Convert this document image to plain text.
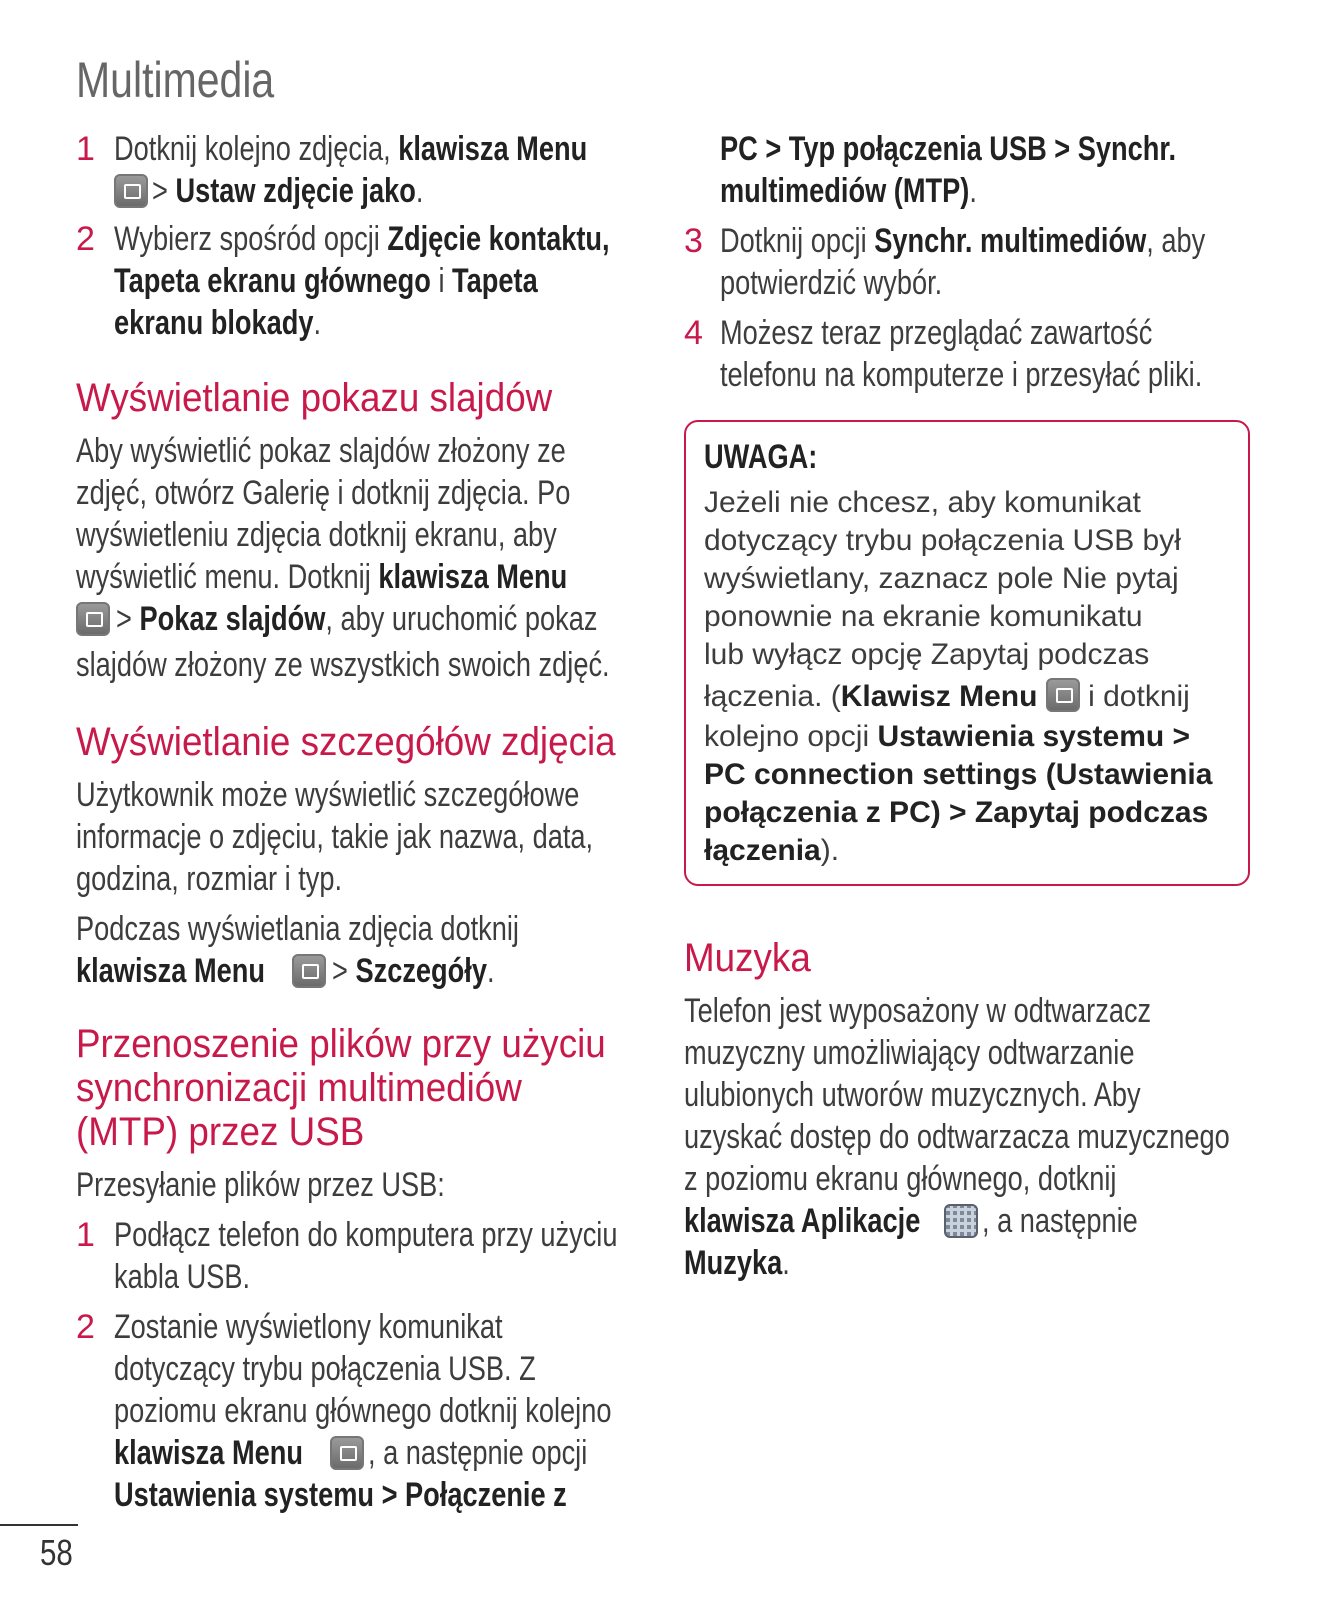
Multimedia
1 Dotknij kolejno zdjęcia, klawisza Menu
> Ustaw zdjęcie jako.
2 Wybierz spośród opcji Zdjęcie kontaktu,
Tapeta ekranu głównego i Tapeta
ekranu blokady.
Wyświetlanie pokazu slajdów
Aby wyświetlić pokaz slajdów złożony ze
zdjęć, otwórz Galerię i dotknij zdjęcia. Po
wyświetleniu zdjęcia dotknij ekranu, aby
wyświetlić menu. Dotknij klawisza Menu
> Pokaz slajdów, aby uruchomić pokaz
slajdów złożony ze wszystkich swoich zdjęć.
Wyświetlanie szczegółów zdjęcia
Użytkownik może wyświetlić szczegółowe
informacje o zdjęciu, takie jak nazwa, data,
godzina, rozmiar i typ.
Podczas wyświetlania zdjęcia dotknij
klawisza Menu	> Szczegóły.
Przenoszenie plików przy użyciu
synchronizacji multimediów
(MTP) przez USB
Przesyłanie plików przez USB:
1 Podłącz telefon do komputera przy użyciu
kabla USB.
2 Zostanie wyświetlony komunikat
dotyczący trybu połączenia USB. Z
poziomu ekranu głównego dotknij kolejno
klawisza Menu	, a następnie opcji
Ustawienia systemu > Połączenie z
PC > Typ połączenia USB > Synchr.
multimediów (MTP).
3 Dotknij opcji Synchr. multimediów, aby
potwierdzić wybór.
4 Możesz teraz przeglądać zawartość
telefonu na komputerze i przesyłać pliki.
UWAGA:
Jeżeli nie chcesz, aby komunikat
dotyczący trybu połączenia USB był
wyświetlany, zaznacz pole Nie pytaj
ponownie na ekranie komunikatu
lub wyłącz opcję Zapytaj podczas
łączenia. (Klawisz Menu  i dotknij
kolejno opcji Ustawienia systemu >
PC connection settings (Ustawienia
połączenia z PC) > Zapytaj podczas
łączenia).
Muzyka
Telefon jest wyposażony w odtwarzacz
muzyczny umożliwiający odtwarzanie
ulubionych utworów muzycznych. Aby
uzyskać dostęp do odtwarzacza muzycznego
z poziomu ekranu głównego, dotknij
klawisza Aplikacje	, a następnie
Muzyka.
58
